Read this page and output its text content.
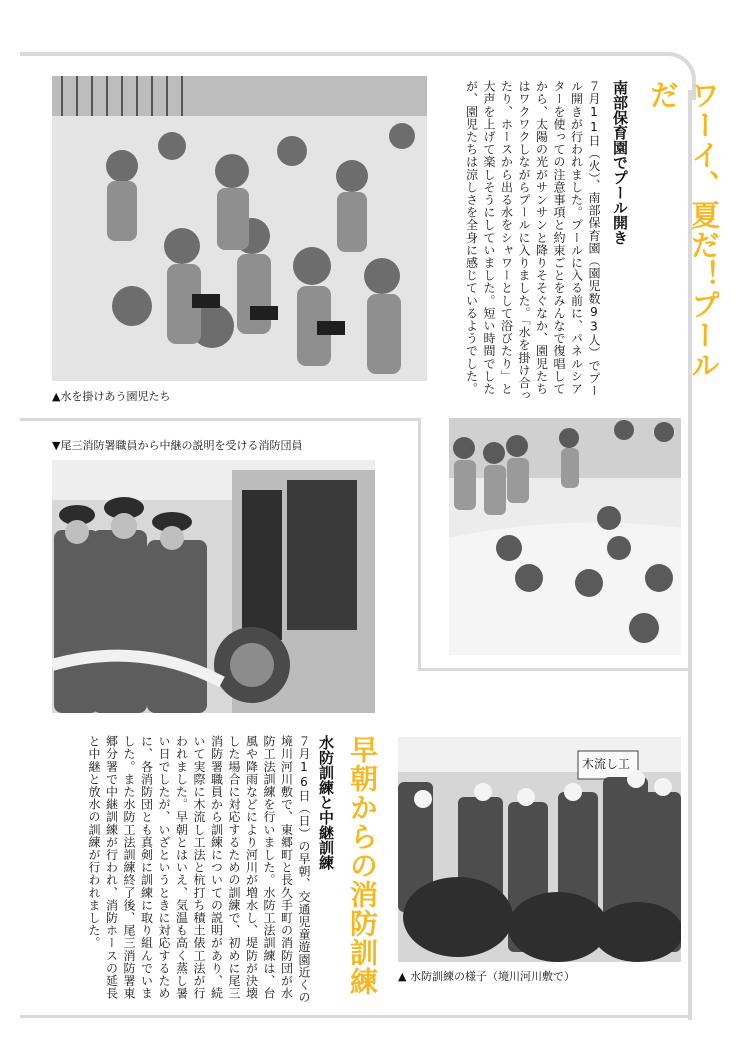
▲水を掛けあう園児たち
ワーイ、夏だ！プールだ
南部保育園でプール開き
７月11日（火）、南部保育園（園児数93人）でプール開きが行われました。プールに入る前に、パネルシアターを使っての注意事項と約束ごとをみんなで復唱してから、太陽の光がサンサンと降りそそぐなか、園児たちはワクワクしながらプールに入りました。「水を掛け合ったり、ホースから出る水をシャワーとして浴びたり」と大声を上げて楽しそうにしていました。短い時間でしたが、園児たちは涼しさを全身に感じているようでした。
▼尾三消防署職員から中継の説明を受ける消防団員
早朝からの消防訓練
水防訓練と中継訓練
７月16日（日）の早朝、交通児童遊園近くの境川河川敷で、東郷町と長久手町の消防団が水防工法訓練を行いました。水防工法訓練は、台風や降雨などにより河川が増水し、堤防が決壊した場合に対応するための訓練で、初めに尾三消防署職員から訓練についての説明があり、続いて実際に木流し工法と杭打ち積土俵工法が行われました。早朝とはいえ、気温も高く蒸し暑い日でしたが、いざというときに対応するために、各消防団とも真剣に訓練に取り組んでいました。また水防工法訓練終了後、尾三消防署東郷分署で中継訓練が行われ、消防ホースの延長と中継と放水の訓練が行われました。	木流し工
▲ 水防訓練の様子（境川河川敷で）
